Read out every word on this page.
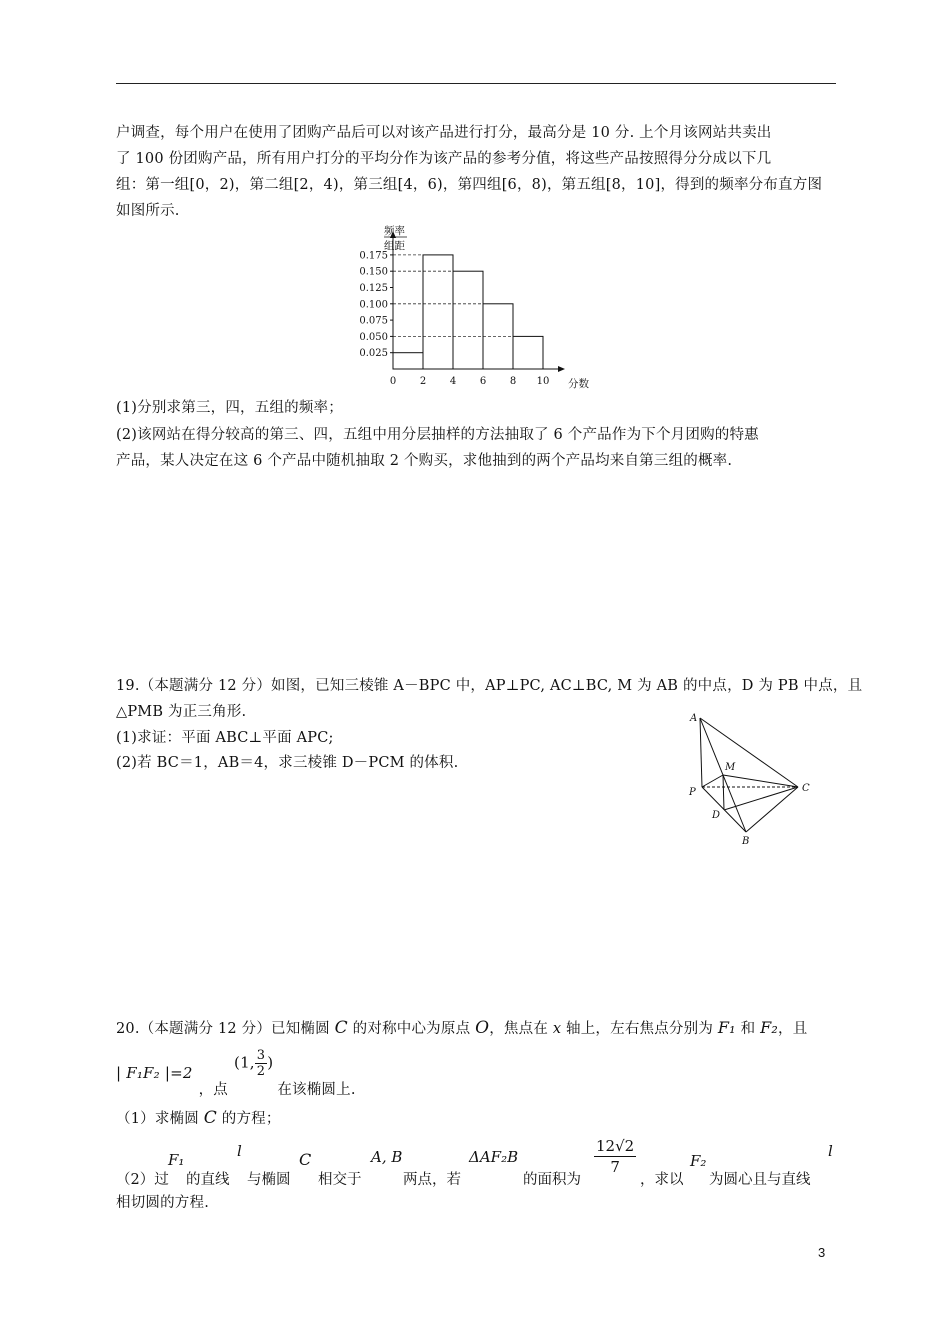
户调查，每个用户在使用了团购产品后可以对该产品进行打分，最高分是 10 分. 上个月该网站共卖出
了 100 份团购产品，所有用户打分的平均分作为该产品的参考分值，将这些产品按照得分分成以下几
组：第一组[0，2)，第二组[2，4)，第三组[4，6)，第四组[6，8)，第五组[8，10]，得到的频率分布直方图
如图所示.
0.025
0.050
0.075
0.100
0.125
0.150
0.175
0 2 4 6 8 10
频率
组距
分数
(1)分别求第三，四，五组的频率；
(2)该网站在得分较高的第三、四，五组中用分层抽样的方法抽取了 6 个产品作为下个月团购的特惠
产品，某人决定在这 6 个产品中随机抽取 2 个购买，求他抽到的两个产品均来自第三组的概率.
19.（本题满分 12 分）如图，已知三棱锥 A－BPC 中，AP⊥PC, AC⊥BC, M 为 AB 的中点，D 为 PB 中点，且
△PMB 为正三角形.
(1)求证：平面 ABC⊥平面 APC;
(2)若 BC＝1，AB＝4，求三棱锥 D－PCM 的体积.
A
M
P	C
D
B
20.（本题满分 12 分）已知椭圆 C 的对称中心为原点 O，焦点在 x 轴上，左右焦点分别为 F₁ 和 F₂，且
| F₁F₂ |=2，点(1, $\frac{3}{2}$ )在该椭圆上.
（1）求椭圆 C 的方程；
（2）过
F₁
的直线
l
与椭圆
C
相交于
A, B
两点，若
ΔAF₂B
的面积为
$\frac{12√2}{7}$
，求以
F₂
为圆心且与直线
l
相切圆的方程.
3
